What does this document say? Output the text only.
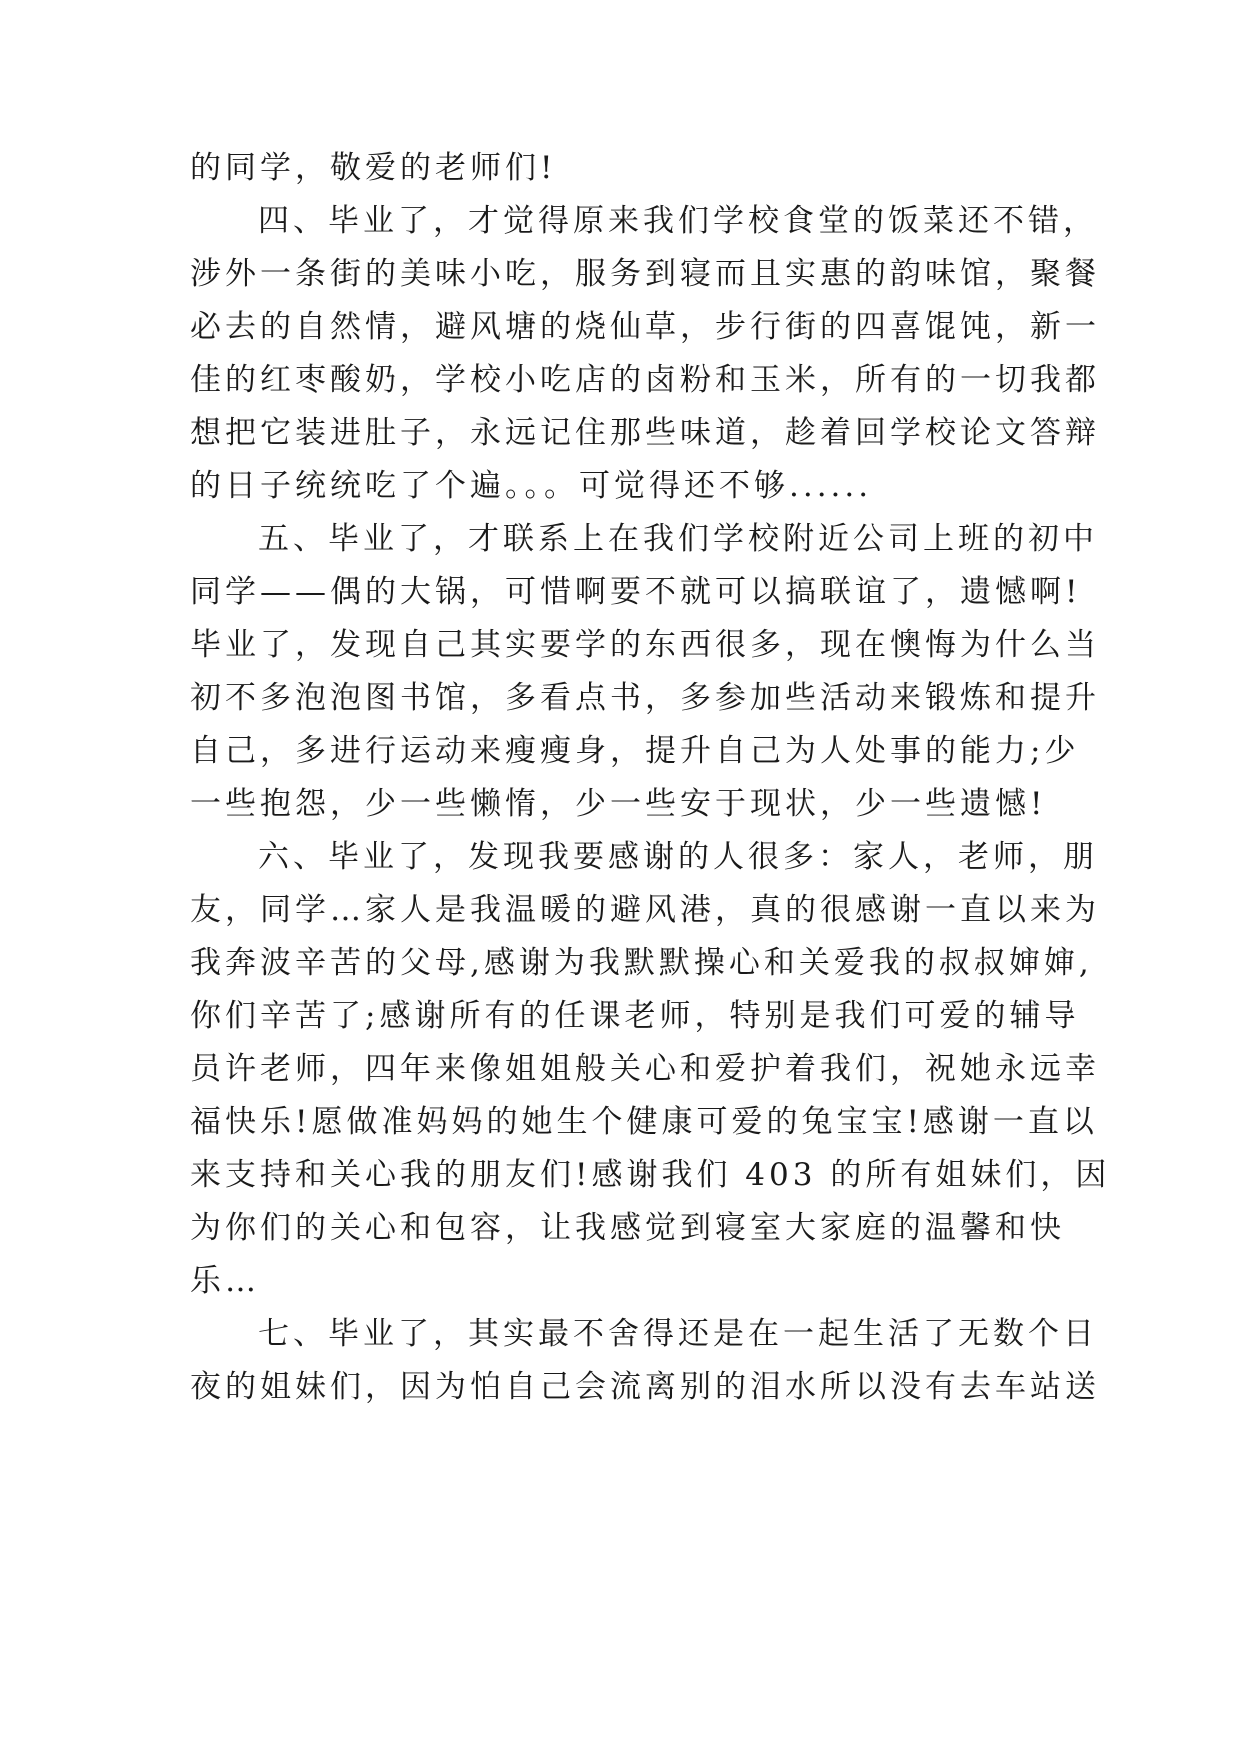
的同学，敬爱的老师们!
四、毕业了，才觉得原来我们学校食堂的饭菜还不错，
涉外一条街的美味小吃，服务到寝而且实惠的韵味馆，聚餐
必去的自然情，避风塘的烧仙草，步行街的四喜馄饨，新一
佳的红枣酸奶，学校小吃店的卤粉和玉米，所有的一切我都
想把它装进肚子，永远记住那些味道，趁着回学校论文答辩
的日子统统吃了个遍。。。可觉得还不够......
五、毕业了，才联系上在我们学校附近公司上班的初中
同学——偶的大锅，可惜啊要不就可以搞联谊了，遗憾啊!
毕业了，发现自己其实要学的东西很多，现在懊悔为什么当
初不多泡泡图书馆，多看点书，多参加些活动来锻炼和提升
自己，多进行运动来瘦瘦身，提升自己为人处事的能力;少
一些抱怨，少一些懒惰，少一些安于现状，少一些遗憾!
六、毕业了，发现我要感谢的人很多：家人，老师，朋
友，同学…家人是我温暖的避风港，真的很感谢一直以来为
我奔波辛苦的父母,感谢为我默默操心和关爱我的叔叔婶婶,
你们辛苦了;感谢所有的任课老师，特别是我们可爱的辅导
员许老师，四年来像姐姐般关心和爱护着我们，祝她永远幸
福快乐!愿做准妈妈的她生个健康可爱的兔宝宝!感谢一直以
来支持和关心我的朋友们!感谢我们 403 的所有姐妹们，因
为你们的关心和包容，让我感觉到寝室大家庭的温馨和快
乐…
七、毕业了，其实最不舍得还是在一起生活了无数个日
夜的姐妹们，因为怕自己会流离别的泪水所以没有去车站送
